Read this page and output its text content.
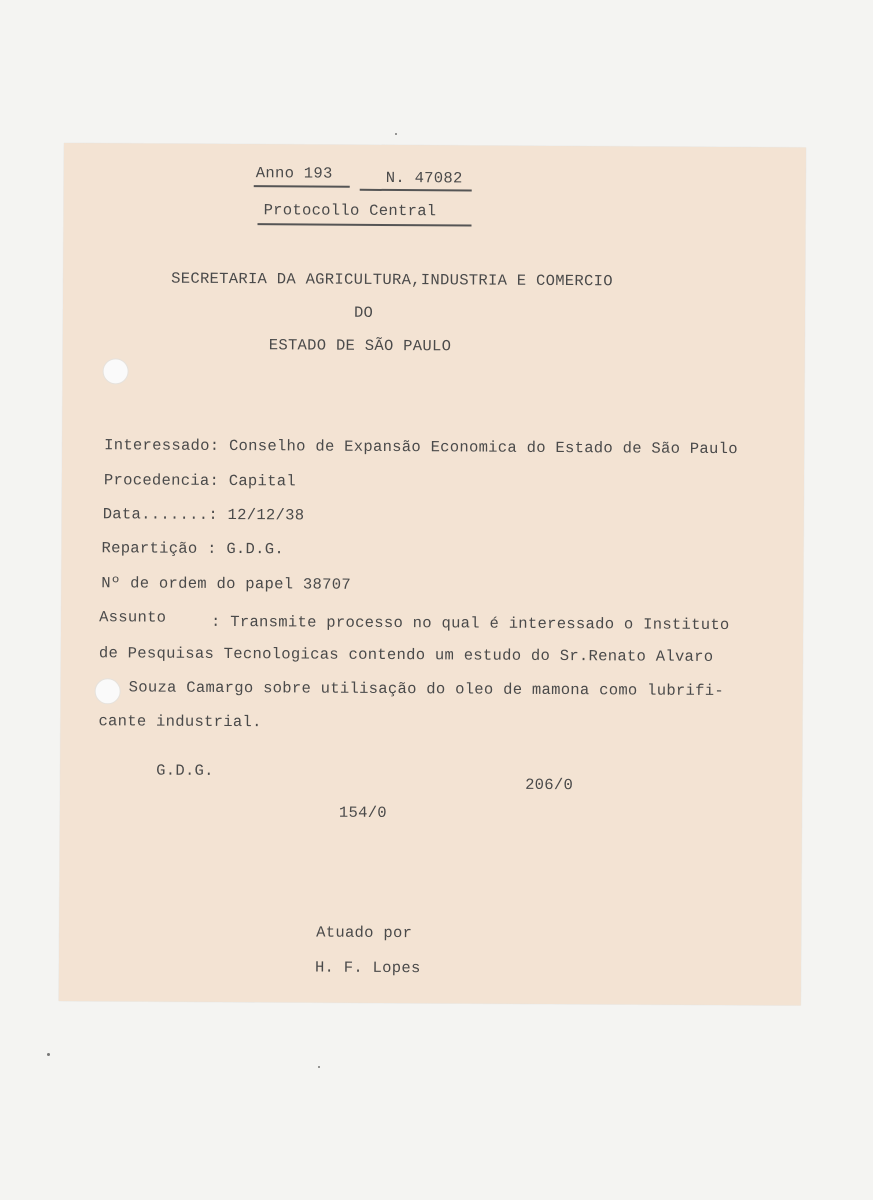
Anno 193	N. 47082
Protocollo Central
SECRETARIA DA AGRICULTURA,INDUSTRIA E COMERCIO
DO
ESTADO DE SÃO PAULO
Interessado: Conselho de Expansão Economica do Estado de São Paulo
Procedencia: Capital
Data.......: 12/12/38
Repartição : G.D.G.
Nº de ordem do papel 38707
Assunto	: Transmite processo no qual é interessado o Instituto
de Pesquisas Tecnologicas contendo um estudo do Sr.Renato Alvaro
Souza Camargo sobre utilisação do oleo de mamona como lubrifi-
cante industrial.
G.D.G.
206/0
154/0
Atuado por
H. F. Lopes
